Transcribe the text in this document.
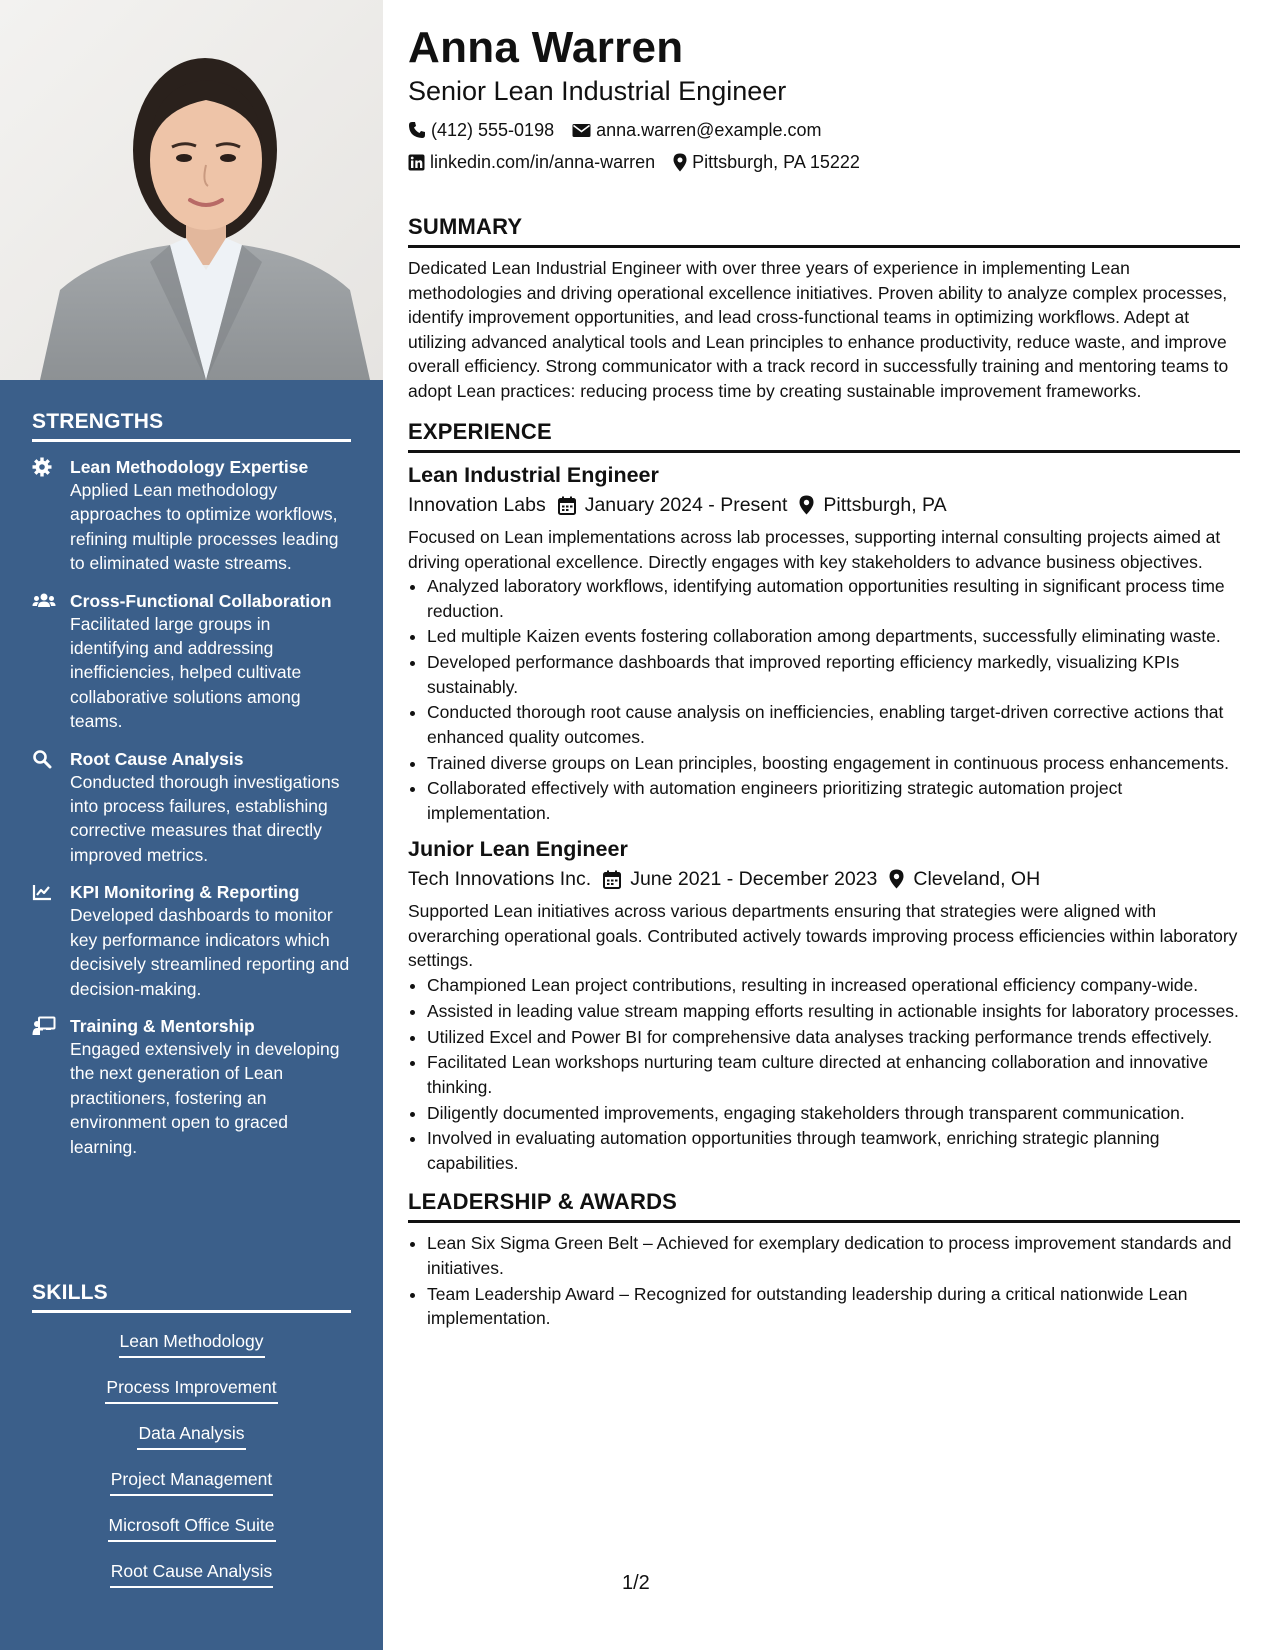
STRENGTHS
Lean Methodology Expertise
Applied Lean methodology approaches to optimize workflows, refining multiple processes leading to eliminated waste streams.
Cross-Functional Collaboration
Facilitated large groups in identifying and addressing inefficiencies, helped cultivate collaborative solutions among teams.
Root Cause Analysis
Conducted thorough investigations into process failures, establishing corrective measures that directly improved metrics.
KPI Monitoring & Reporting
Developed dashboards to monitor key performance indicators which decisively streamlined reporting and decision-making.
Training & Mentorship
Engaged extensively in developing the next generation of Lean practitioners, fostering an environment open to graced learning.
SKILLS
Lean Methodology
Process Improvement
Data Analysis
Project Management
Microsoft Office Suite
Root Cause Analysis
Anna Warren
Senior Lean Industrial Engineer
(412) 555-0198 anna.warren@example.com
linkedin.com/in/anna-warren Pittsburgh, PA 15222
SUMMARY
Dedicated Lean Industrial Engineer with over three years of experience in implementing Lean methodologies and driving operational excellence initiatives. Proven ability to analyze complex processes, identify improvement opportunities, and lead cross-functional teams in optimizing workflows. Adept at utilizing advanced analytical tools and Lean principles to enhance productivity, reduce waste, and improve overall efficiency. Strong communicator with a track record in successfully training and mentoring teams to adopt Lean practices: reducing process time by creating sustainable improvement frameworks.
EXPERIENCE
Lean Industrial Engineer
Innovation Labs January 2024 - Present Pittsburgh, PA
Focused on Lean implementations across lab processes, supporting internal consulting projects aimed at driving operational excellence. Directly engages with key stakeholders to advance business objectives.
• Analyzed laboratory workflows, identifying automation opportunities resulting in significant process time reduction.
• Led multiple Kaizen events fostering collaboration among departments, successfully eliminating waste.
• Developed performance dashboards that improved reporting efficiency markedly, visualizing KPIs sustainably.
• Conducted thorough root cause analysis on inefficiencies, enabling target-driven corrective actions that enhanced quality outcomes.
• Trained diverse groups on Lean principles, boosting engagement in continuous process enhancements.
• Collaborated effectively with automation engineers prioritizing strategic automation project implementation.
Junior Lean Engineer
Tech Innovations Inc. June 2021 - December 2023 Cleveland, OH
Supported Lean initiatives across various departments ensuring that strategies were aligned with overarching operational goals. Contributed actively towards improving process efficiencies within laboratory settings.
• Championed Lean project contributions, resulting in increased operational efficiency company-wide.
• Assisted in leading value stream mapping efforts resulting in actionable insights for laboratory processes.
• Utilized Excel and Power BI for comprehensive data analyses tracking performance trends effectively.
• Facilitated Lean workshops nurturing team culture directed at enhancing collaboration and innovative thinking.
• Diligently documented improvements, engaging stakeholders through transparent communication.
• Involved in evaluating automation opportunities through teamwork, enriching strategic planning capabilities.
LEADERSHIP & AWARDS
• Lean Six Sigma Green Belt – Achieved for exemplary dedication to process improvement standards and initiatives.
• Team Leadership Award – Recognized for outstanding leadership during a critical nationwide Lean implementation.
1/2
